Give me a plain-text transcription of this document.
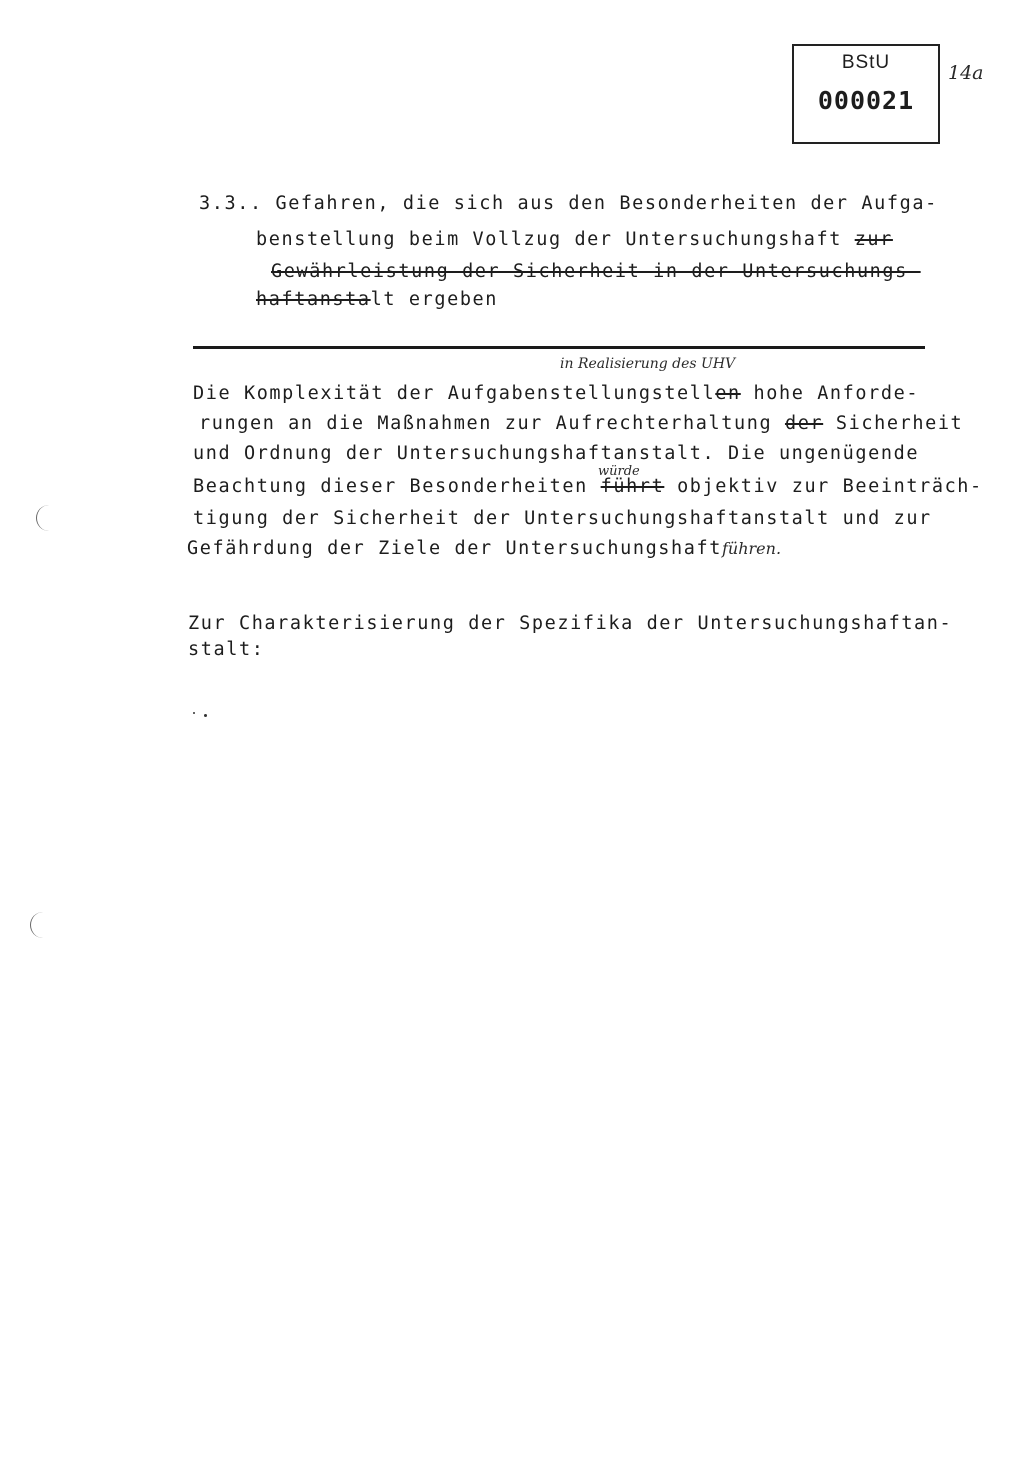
BStU
000021
14a
3.3.. Gefahren, die sich aus den Besonderheiten der Aufga-
benstellung beim Vollzug der Untersuchungshaft zur
Gewährleistung der Sicherheit in der Untersuchungs-
haftanstalt ergeben
in Realisierung des UHV
Die Komplexität der Aufgabenstellungstellen hohe Anforde-
rungen an die Maßnahmen zur Aufrechterhaltung der Sicherheit
und Ordnung der Untersuchungshaftanstalt. Die ungenügende
würde
Beachtung dieser Besonderheiten führt objektiv zur Beeinträch-
tigung der Sicherheit der Untersuchungshaftanstalt und zur
Gefährdung der Ziele der Untersuchungshaftführen.
Zur Charakterisierung der Spezifika der Untersuchungshaftan-
stalt:
